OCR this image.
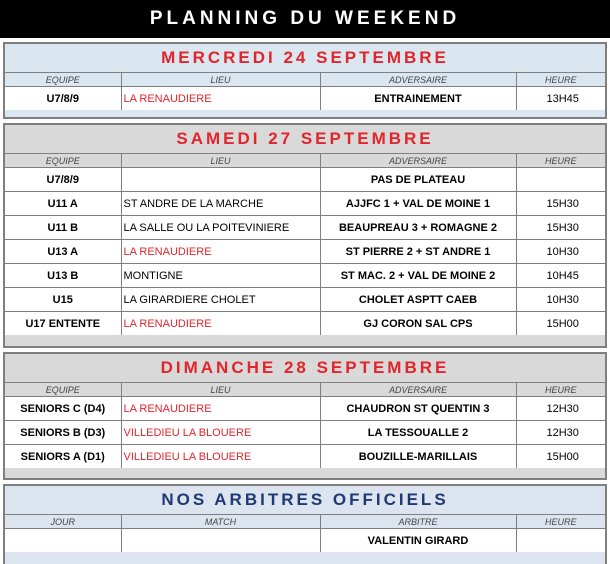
PLANNING DU WEEKEND
MERCREDI 24 SEPTEMBRE
EQUIPE	LIEU	ADVERSAIRE	HEURE
U7/8/9	LA RENAUDIERE	ENTRAINEMENT	13H45
SAMEDI 27 SEPTEMBRE
EQUIPE	LIEU	ADVERSAIRE	HEURE
U7/8/9		PAS DE PLATEAU	
U11 A	ST ANDRE DE LA MARCHE	AJJFC 1 + VAL DE MOINE 1	15H30
U11 B	LA SALLE OU LA POITEVINIERE	BEAUPREAU 3 + ROMAGNE 2	15H30
U13 A	LA RENAUDIERE	ST PIERRE 2 + ST ANDRE 1	10H30
U13 B	MONTIGNE	ST MAC. 2 + VAL DE MOINE 2	10H45
U15	LA GIRARDIERE CHOLET	CHOLET ASPTT CAEB	10H30
U17 ENTENTE	LA RENAUDIERE	GJ CORON SAL CPS	15H00
DIMANCHE 28 SEPTEMBRE
EQUIPE	LIEU	ADVERSAIRE	HEURE
SENIORS C (D4)	LA RENAUDIERE	CHAUDRON ST QUENTIN 3	12H30
SENIORS B (D3)	VILLEDIEU LA BLOUERE	LA TESSOUALLE 2	12H30
SENIORS A (D1)	VILLEDIEU LA BLOUERE	BOUZILLE-MARILLAIS	15H00
NOS ARBITRES OFFICIELS
JOUR	MATCH	ARBITRE	HEURE
		VALENTIN GIRARD	
